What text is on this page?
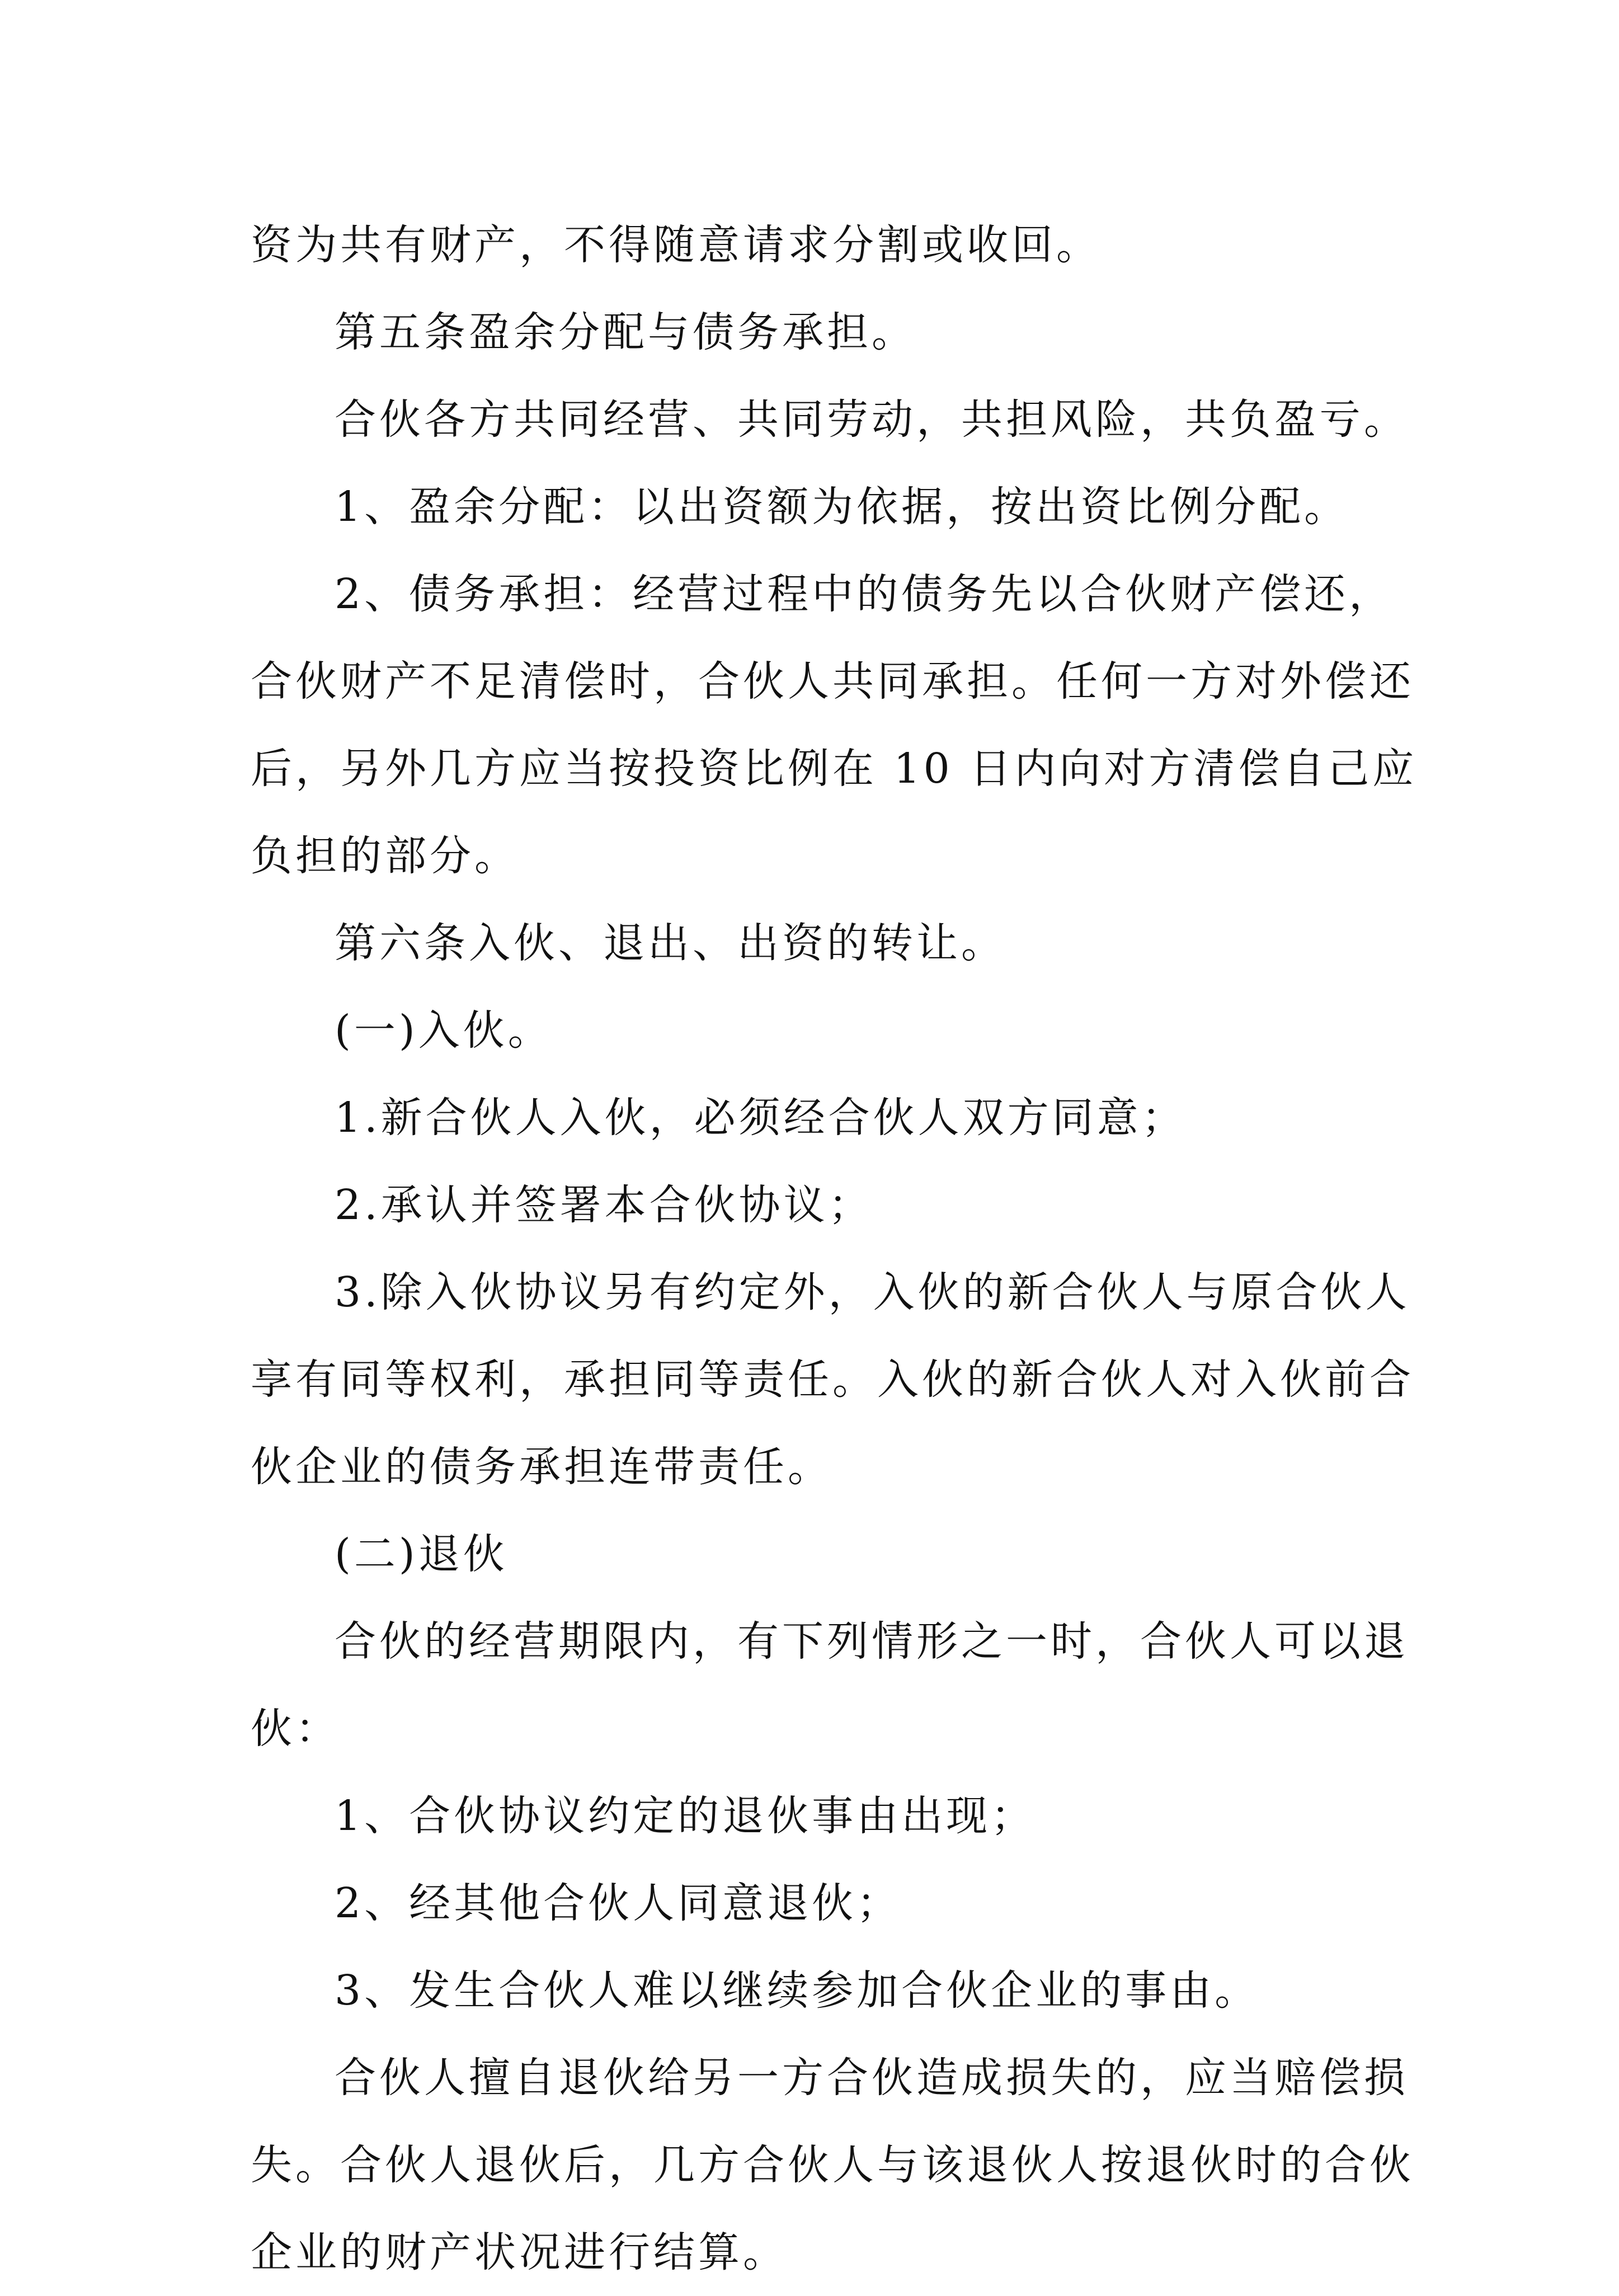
资为共有财产，不得随意请求分割或收回。
第五条盈余分配与债务承担。
合伙各方共同经营、共同劳动，共担风险，共负盈亏。
1、盈余分配：以出资额为依据，按出资比例分配。
2、债务承担：经营过程中的债务先以合伙财产偿还，
合伙财产不足清偿时，合伙人共同承担。任何一方对外偿还
后，另外几方应当按投资比例在 10 日内向对方清偿自己应
负担的部分。
第六条入伙、退出、出资的转让。
(一)入伙。
1.新合伙人入伙，必须经合伙人双方同意；
2.承认并签署本合伙协议；
3.除入伙协议另有约定外，入伙的新合伙人与原合伙人
享有同等权利，承担同等责任。入伙的新合伙人对入伙前合
伙企业的债务承担连带责任。
(二)退伙
合伙的经营期限内，有下列情形之一时，合伙人可以退
伙：
1、合伙协议约定的退伙事由出现；
2、经其他合伙人同意退伙；
3、发生合伙人难以继续参加合伙企业的事由。
合伙人擅自退伙给另一方合伙造成损失的，应当赔偿损
失。合伙人退伙后，几方合伙人与该退伙人按退伙时的合伙
企业的财产状况进行结算。
